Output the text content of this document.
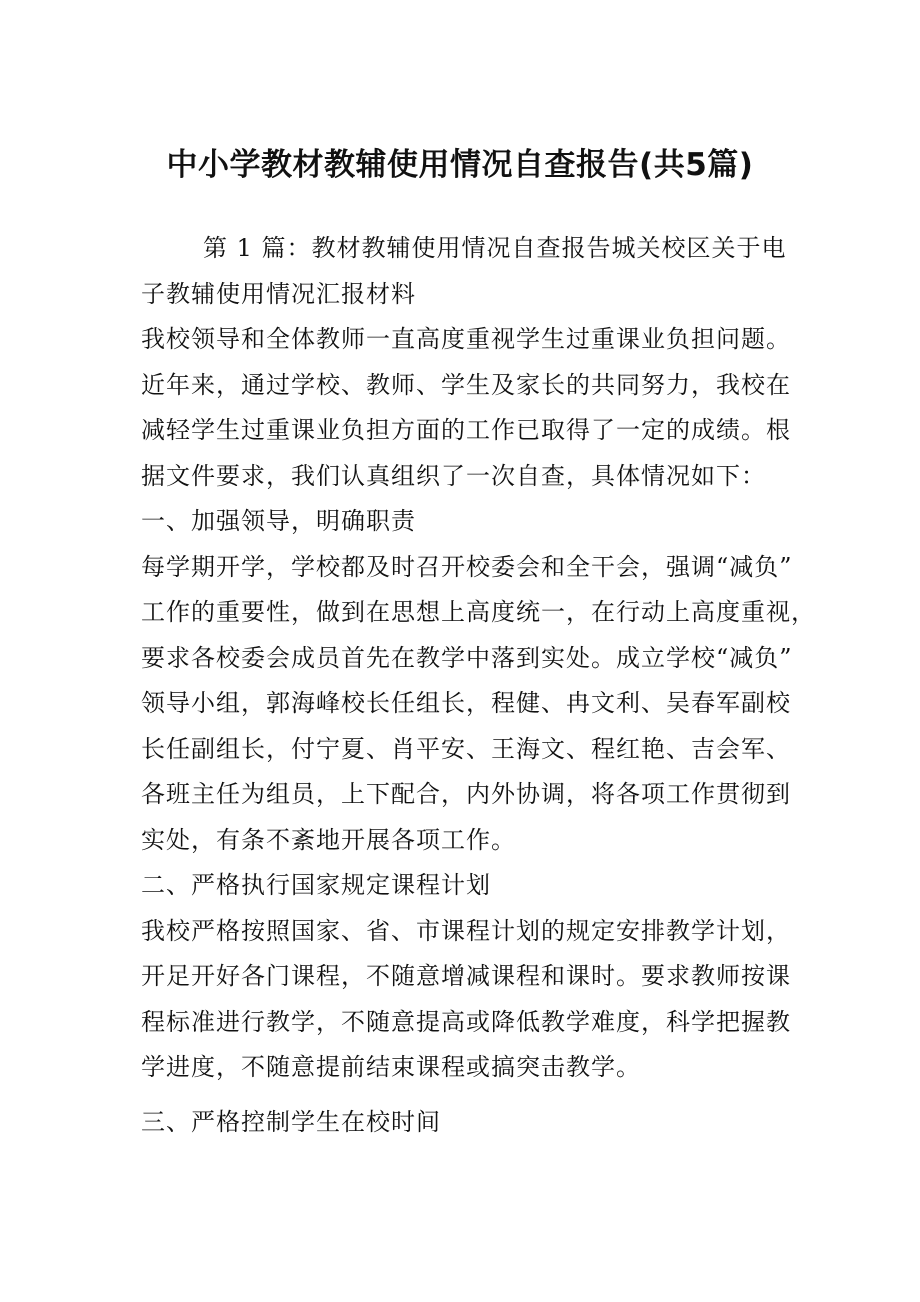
中小学教材教辅使用情况自查报告(共5篇)

第 1 篇：教材教辅使用情况自查报告城关校区关于电
子教辅使用情况汇报材料

我校领导和全体教师一直高度重视学生过重课业负担问题。
近年来，通过学校、教师、学生及家长的共同努力，我校在
减轻学生过重课业负担方面的工作已取得了一定的成绩。根
据文件要求，我们认真组织了一次自查，具体情况如下：

一、加强领导，明确职责

每学期开学，学校都及时召开校委会和全干会，强调“减负”
工作的重要性，做到在思想上高度统一，在行动上高度重视，
要求各校委会成员首先在教学中落到实处。成立学校“减负”
领导小组，郭海峰校长任组长，程健、冉文利、吴春军副校
长任副组长，付宁夏、肖平安、王海文、程红艳、吉会军、
各班主任为组员，上下配合，内外协调，将各项工作贯彻到
实处，有条不紊地开展各项工作。

二、严格执行国家规定课程计划

我校严格按照国家、省、市课程计划的规定安排教学计划，
开足开好各门课程，不随意增减课程和课时。要求教师按课
程标准进行教学，不随意提高或降低教学难度，科学把握教
学进度，不随意提前结束课程或搞突击教学。

三、严格控制学生在校时间
